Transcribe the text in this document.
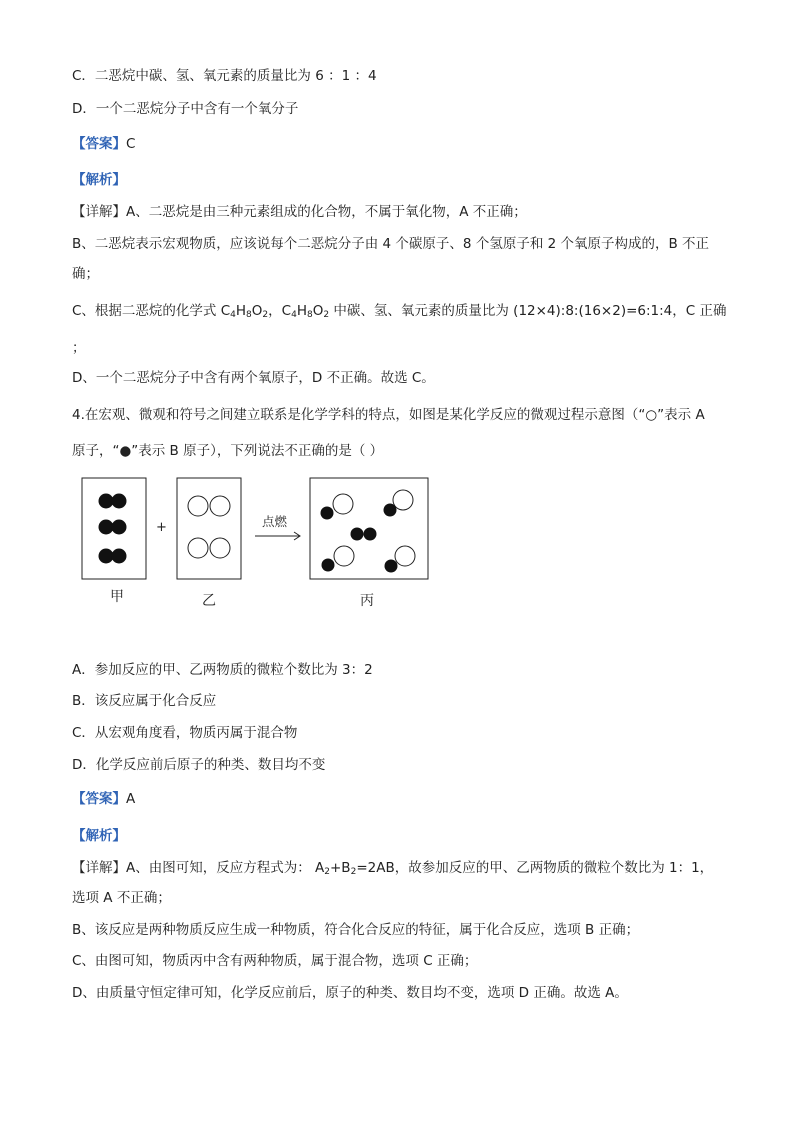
C．二恶烷中碳、氢、氧元素的质量比为 6 ：1 ：4
D．一个二恶烷分子中含有一个氧分子
【答案】C
【解析】
【详解】A、二恶烷是由三种元素组成的化合物，不属于氧化物，A 不正确；
B、二恶烷表示宏观物质，应该说每个二恶烷分子由 4 个碳原子、8 个氢原子和 2 个氧原子构成的，B 不正
确；
C、根据二恶烷的化学式 $C_4H_8O_2$，$C_4H_8O_2$ 中碳、氢、氧元素的质量比为 (12×4):8:(16×2)=6:1:4，C 正确
；
D、一个二恶烷分子中含有两个氧原子，D 不正确。故选 C。
4.在宏观、微观和符号之间建立联系是化学学科的特点，如图是某化学反应的微观过程示意图（“○”表示 A
原子，“●”表示 B 原子），下列说法不正确的是（ ）
+	点燃
甲	乙	丙
A．参加反应的甲、乙两物质的微粒个数比为 3：2
B．该反应属于化合反应
C．从宏观角度看，物质丙属于混合物
D．化学反应前后原子的种类、数目均不变
【答案】A
【解析】
【详解】A、由图可知，反应方程式为： $A_2+B_2=2AB$，故参加反应的甲、乙两物质的微粒个数比为 1：1，
选项 A 不正确；
B、该反应是两种物质反应生成一种物质，符合化合反应的特征，属于化合反应，选项 B 正确；
C、由图可知，物质丙中含有两种物质，属于混合物，选项 C 正确；
D、由质量守恒定律可知，化学反应前后，原子的种类、数目均不变，选项 D 正确。故选 A。
